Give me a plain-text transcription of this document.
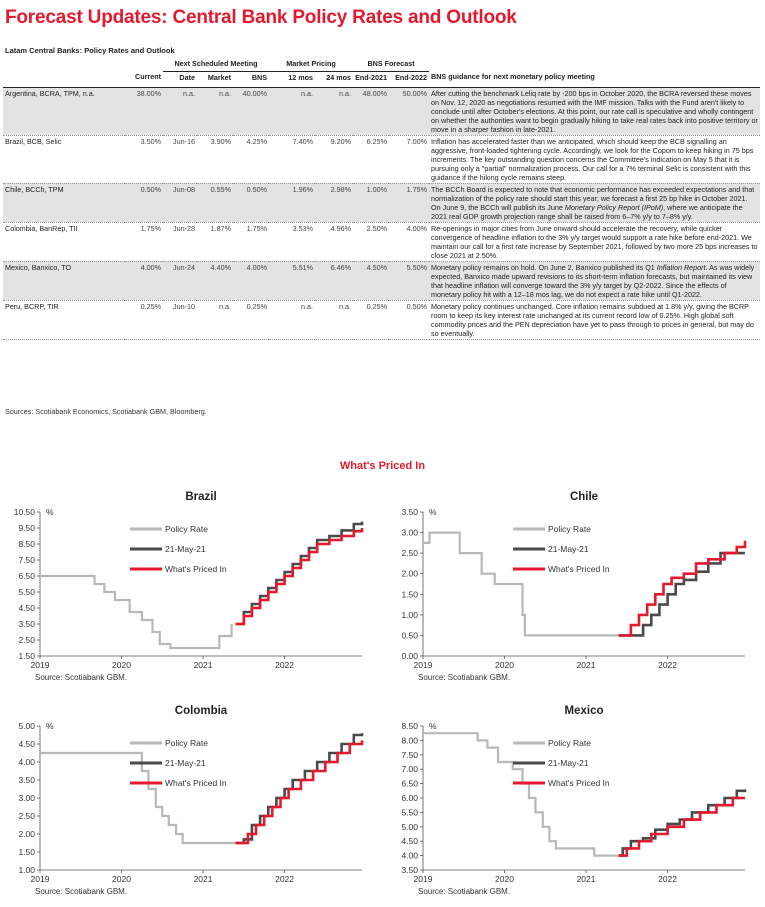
Forecast Updates: Central Bank Policy Rates and Outlook
Latam Central Banks: Policy Rates and Outlook
		Next Scheduled Meeting			Market Pricing		BNS Forecast		
	Current	Date	Market	BNS	12 mos	24 mos	End-2021	End-2022	BNS guidance for next monetary policy meeting
Argentina, BCRA, TPM, n.a.	38.00%	n.a.	n.a.	40.00%	n.a.	n.a.	48.00%	50.00%	After cutting the benchmark Leliq rate by -200 bps in October 2020, the BCRA reversed these moves on Nov. 12, 2020 as negotiations resumed with the IMF mission. Talks with the Fund aren't likely to conclude until after October's elections. At this point, our rate call is speculative and wholly contingent on whether the authorities want to begin gradually hiking to take real rates back into positive territory or move in a sharper fashion in late-2021.
Brazil, BCB, Selic	3.50%	Jun-16	3.90%	4.25%	7.40%	9.20%	6.25%	7.00%	Inflation has accelerated faster than we anticipated, which should keep the BCB signalling an aggressive, front-loaded tightening cycle. Accordingly, we look for the Copom to keep hiking in 75 bps increments. The key outstanding question concerns the Committee's indication on May 5 that it is pursuing only a "partial" normalization process. Our call for a 7% terminal Selic is consistent with this guidance if the hiking cycle remains steep.
Chile, BCCh, TPM	0.50%	Jun-08	0.55%	0.50%	1.96%	2.98%	1.00%	1.75%	The BCCh Board is expected to note that economic performance has exceeded expectations and that normalization of the policy rate should start this year; we forecast a first 25 bp hike in October 2021. On June 9, the BCCh will publish its June Monetary Policy Report (IPoM), where we anticipate the 2021 real GDP growth projection range shall be raised from 6–7% y/y to 7–8% y/y.
Colombia, BanRep, TII	1.75%	Jun-28	1.87%	1.75%	3.53%	4.96%	2.50%	4.00%	Re-openings in major cities from June onward should accelerate the recovery, while quicker convergence of headline inflation to the 3% y/y target would support a rate hike before end-2021. We maintain our call for a first rate increase by September 2021, followed by two more 25 bps increases to close 2021 at 2.50%.
Mexico, Banxico, TO	4.00%	Jun-24	4.40%	4.00%	5.51%	6.46%	4.50%	5.50%	Monetary policy remains on hold. On June 2, Banxico published its Q1 Inflation Report. As was widely expected, Banxico made upward revisions to its short-term inflation forecasts, but maintained its view that headline inflation will converge toward the 3% y/y target by Q2-2022. Since the effects of monetary policy hit with a 12–18 mos lag, we do not expect a rate hike until Q1-2022.
Peru, BCRP, TIR	0.25%	Jun-10	n.a.	0.25%	n.a.	n.a.	0.25%	0.50%	Monetary policy continues unchanged. Core inflation remains subdued at 1.8% y/y, giving the BCRP room to keep its key interest rate unchanged at its current record low of 0.25%. High global soft commodity prices and the PEN depreciation have yet to pass through to prices in general, but may do so eventually.
Sources: Scotiabank Economics, Scotiabank GBM, Bloomberg.
What's Priced In
Brazil
1.50
2.50
3.50
4.50
5.50
6.50
7.50
8.50
9.50
10.50 %
2019	2020	2021	2022
Policy Rate
21-May-21
What's Priced In
Source: Scotiabank GBM.
Chile
0.00
0.50
1.00
1.50
2.00
2.50
3.00
3.50 %
2019	2020	2021	2022
Policy Rate
21-May-21
What's Priced In
Source: Scotiabank GBM.
Colombia
1.00
1.50
2.00
2.50
3.00
3.50
4.00
4.50
5.00 %
2019	2020	2021	2022
Policy Rate
21-May-21
What's Priced In
Source: Scotiabank GBM.
Mexico
3.50
4.00
4.50
5.00
5.50
6.00
6.50
7.00
7.50
8.00
8.50 %
2019	2020	2021	2022
Policy Rate
21-May-21
What's Priced In
Source: Scotiabank GBM.
